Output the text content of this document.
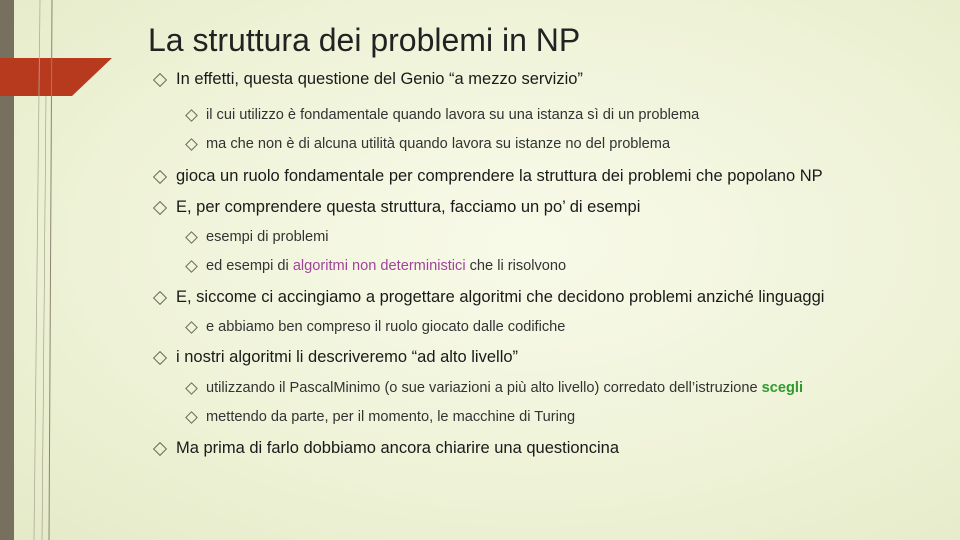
La struttura dei problemi in NP
In effetti, questa questione del Genio “a mezzo servizio”
il cui utilizzo è fondamentale quando lavora su una istanza sì di un problema
ma che non è di alcuna utilità quando lavora su istanze no del problema
gioca un ruolo fondamentale per comprendere la struttura dei problemi che popolano NP
E, per comprendere questa struttura, facciamo un po’ di esempi
esempi di problemi
ed esempi di algoritmi non deterministici che li risolvono
E, siccome ci accingiamo a progettare algoritmi che decidono problemi anziché linguaggi
e abbiamo ben compreso il ruolo giocato dalle codifiche
i nostri algoritmi li descriveremo “ad alto livello”
utilizzando il PascalMinimo (o sue variazioni a più alto livello) corredato dell’istruzione scegli
mettendo da parte, per il momento, le macchine di Turing
Ma prima di farlo dobbiamo ancora chiarire una questioncina
